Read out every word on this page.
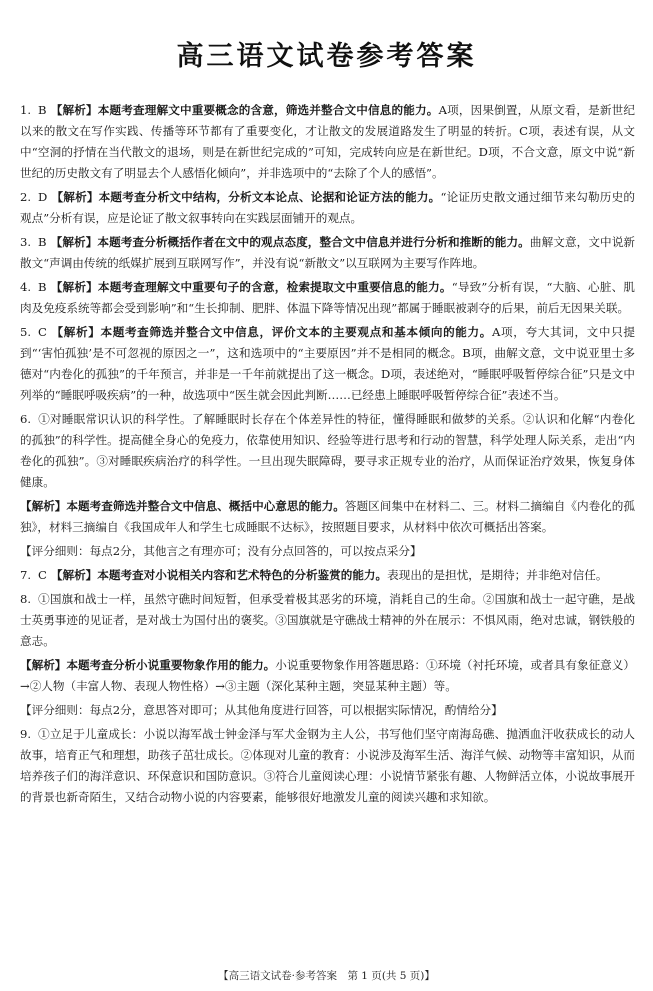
高三语文试卷参考答案

1. B 【解析】本题考查理解文中重要概念的含意，筛选并整合文中信息的能力。A项，因果倒置，从原文看，是新世纪以来的散文在写作实践、传播等环节都有了重要变化，才让散文的发展道路发生了明显的转折。C项，表述有误，从文中“空洞的抒情在当代散文的退场，则是在新世纪完成的”可知，完成转向应是在新世纪。D项，不合文意，原文中说“新世纪的历史散文有了明显去个人感悟化倾向”，并非选项中的“去除了个人的感悟”。

2. D 【解析】本题考查分析文中结构，分析文本论点、论据和论证方法的能力。“论证历史散文通过细节来勾勒历史的观点”分析有误，应是论证了散文叙事转向在实践层面铺开的观点。

3. B 【解析】本题考查分析概括作者在文中的观点态度，整合文中信息并进行分析和推断的能力。曲解文意，文中说新散文“声调由传统的纸媒扩展到互联网写作”，并没有说“新散文”以互联网为主要写作阵地。

4. B 【解析】本题考查理解文中重要句子的含意，检索提取文中重要信息的能力。“导致”分析有误，“大脑、心脏、肌肉及免疫系统等都会受到影响”和“生长抑制、肥胖、体温下降等情况出现”都属于睡眠被剥夺的后果，前后无因果关联。

5. C 【解析】本题考查筛选并整合文中信息，评价文本的主要观点和基本倾向的能力。A项，夸大其词，文中只提到“‘害怕孤独’是不可忽视的原因之一”，这和选项中的“主要原因”并不是相同的概念。B项，曲解文意，文中说亚里士多德对“内卷化的孤独”的千年预言，并非是一千年前就提出了这一概念。D项，表述绝对，“睡眠呼吸暂停综合征”只是文中列举的“睡眠呼吸疾病”的一种，故选项中“医生就会因此判断……已经患上睡眠呼吸暂停综合征”表述不当。

6. ①对睡眠常识认识的科学性。了解睡眠时长存在个体差异性的特征，懂得睡眠和做梦的关系。②认识和化解“内卷化的孤独”的科学性。提高健全身心的免疫力，依靠使用知识、经验等进行思考和行动的智慧，科学处理人际关系，走出“内卷化的孤独”。③对睡眠疾病治疗的科学性。一旦出现失眠障碍，要寻求正规专业的治疗，从而保证治疗效果，恢复身体健康。

【解析】本题考查筛选并整合文中信息、概括中心意思的能力。答题区间集中在材料二、三。材料二摘编自《内卷化的孤独》，材料三摘编自《我国成年人和学生七成睡眠不达标》，按照题目要求，从材料中依次可概括出答案。

【评分细则：每点2分，其他言之有理亦可；没有分点回答的，可以按点采分】

7. C 【解析】本题考查对小说相关内容和艺术特色的分析鉴赏的能力。表现出的是担忧，是期待；并非绝对信任。

8. ①国旗和战士一样，虽然守礁时间短暂，但承受着极其恶劣的环境，消耗自己的生命。②国旗和战士一起守礁，是战士英勇事迹的见证者，是对战士为国付出的褒奖。③国旗就是守礁战士精神的外在展示：不惧风雨，绝对忠诚，钢铁般的意志。

【解析】本题考查分析小说重要物象作用的能力。小说重要物象作用答题思路：①环境（衬托环境，或者具有象征意义）→②人物（丰富人物、表现人物性格）→③主题（深化某种主题，突显某种主题）等。

【评分细则：每点2分，意思答对即可；从其他角度进行回答，可以根据实际情况，酌情给分】

9. ①立足于儿童成长：小说以海军战士钟金泽与军犬金钢为主人公，书写他们坚守南海岛礁、抛洒血汗收获成长的动人故事，培育正气和理想，助孩子茁壮成长。②体现对儿童的教育：小说涉及海军生活、海洋气候、动物等丰富知识，从而培养孩子们的海洋意识、环保意识和国防意识。③符合儿童阅读心理：小说情节紧张有趣、人物鲜活立体，小说故事展开的背景也新奇陌生，又结合动物小说的内容要素，能够很好地激发儿童的阅读兴趣和求知欲。

【高三语文试卷·参考答案　第 1 页(共 5 页)】
